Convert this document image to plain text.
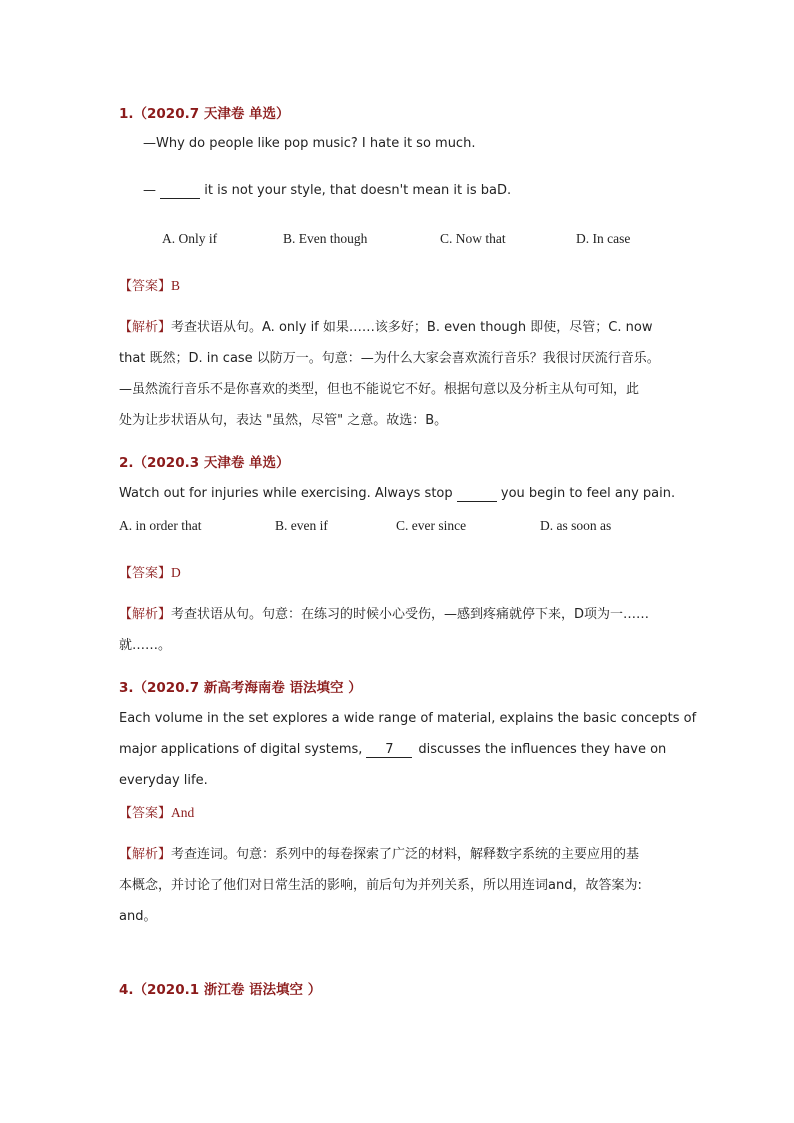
1.（2020.7 天津卷 单选）
—Why do people like pop music? I hate it so much.
—	it is not your style, that doesn't mean it is baD.
A. Only if	B. Even though	C. Now that	D. In case
【答案】B
【解析】考查状语从句。A. only if 如果……该多好；B. even though 即使，尽管；C. now
that 既然；D. in case 以防万一。句意：—为什么大家会喜欢流行音乐？我很讨厌流行音乐。
—虽然流行音乐不是你喜欢的类型，但也不能说它不好。根据句意以及分析主从句可知，此
处为让步状语从句，表达 "虽然，尽管" 之意。故选：B。
2.（2020.3 天津卷 单选）
Watch out for injuries while exercising. Always stop	you begin to feel any pain.
A. in order that	B. even if	C. ever since	D. as soon as
【答案】D
【解析】考查状语从句。句意：在练习的时候小心受伤，—感到疼痛就停下来，D项为一……
就……。
3.（2020.7 新高考海南卷 语法填空 ）
Each volume in the set explores a wide range of material, explains the basic concepts of
major applications of digital systems, 7 discusses the influences they have on
everyday life.
【答案】And
【解析】考查连词。句意：系列中的每卷探索了广泛的材料，解释数字系统的主要应用的基
本概念，并讨论了他们对日常生活的影响，前后句为并列关系，所以用连词and，故答案为:
and。
4.（2020.1 浙江卷 语法填空 ）
